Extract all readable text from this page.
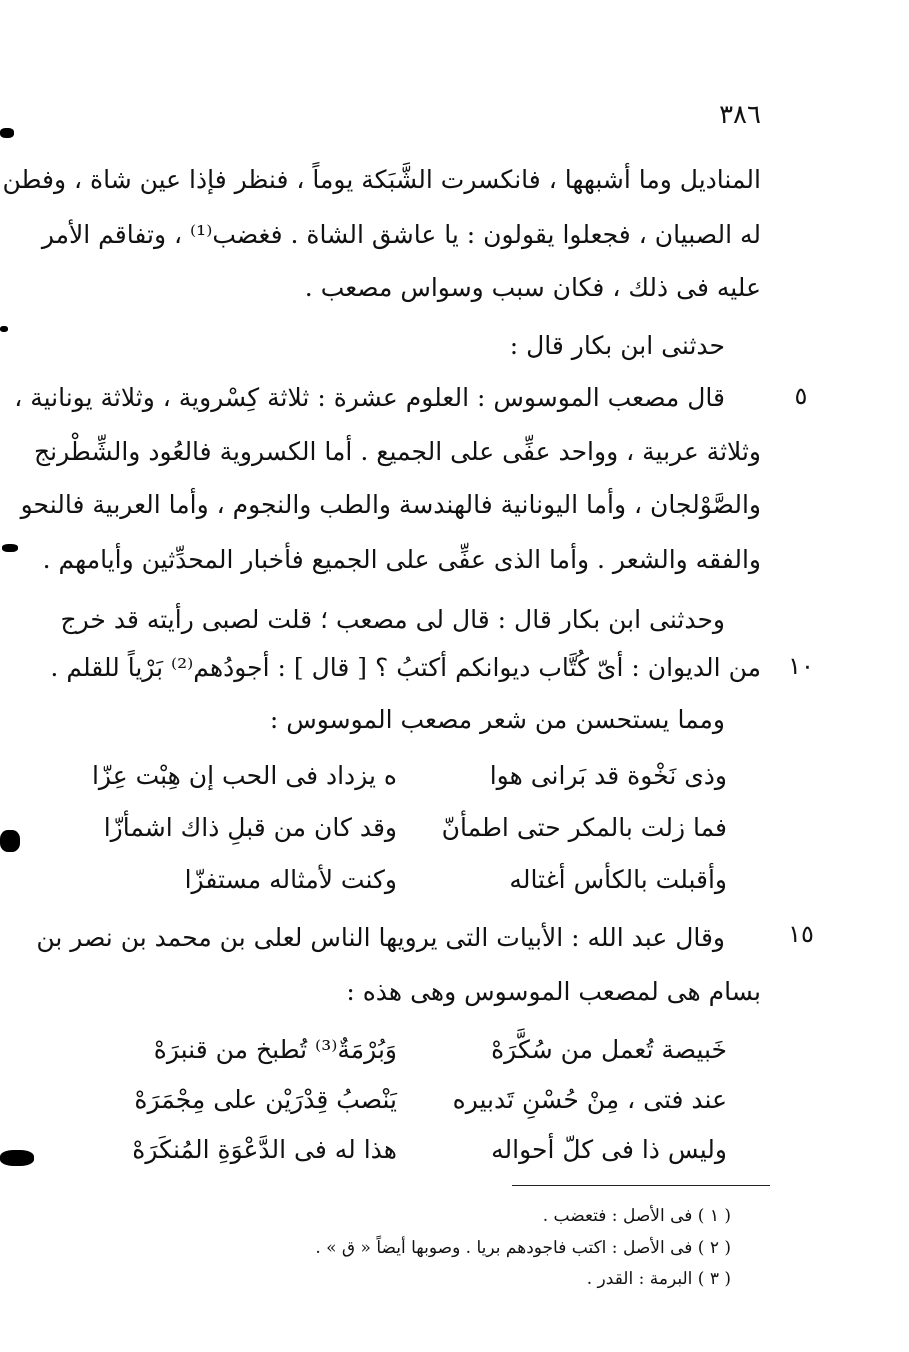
٣٨٦
المناديل وما أشبهها ، فانكسرت الشَّبَكة يوماً ، فنظر فإذا عين شاة ، وفطن
له الصبيان ، فجعلوا يقولون : يا عاشق الشاة . فغضب⁽¹⁾ ، وتفاقم الأمر
عليه فى ذلك ، فكان سبب وسواس مصعب .
حدثنى ابن بكار قال :
قال مصعب الموسوس : العلوم عشرة : ثلاثة كِسْروية ، وثلاثة يونانية ،	٥
وثلاثة عربية ، وواحد عفِّى على الجميع . أما الكسروية فالعُود والشِّطْرنج
والصَّوْلجان ، وأما اليونانية فالهندسة والطب والنجوم ، وأما العربية فالنحو
والفقه والشعر . وأما الذى عفِّى على الجميع فأخبار المحدِّثين وأيامهم .
وحدثنى ابن بكار قال : قال لى مصعب ؛ قلت لصبى رأيته قد خرج
من الديوان : أىّ كُتَّاب ديوانكم أكتبُ ؟ [ قال ] : أجودُهم⁽²⁾ بَرْياً للقلم . ١٠
ومما يستحسن من شعر مصعب الموسوس :
وذى نَخْوة قد بَرانى هوا
ه يزداد فى الحب إن هِبْت عِزّا
فما زلت بالمكر حتى اطمأنّ
وقد كان من قبلِ ذاك اشمأزّا
وأقبلت بالكأس أغتاله
وكنت لأمثاله مستفزّا
وقال عبد الله : الأبيات التى يرويها الناس لعلى بن محمد بن نصر بن	١٥
بسام هى لمصعب الموسوس وهى هذه :
خَبيصة تُعمل من سُكَّرَهْ
وَبُرْمَةٌ⁽³⁾ تُطبخ من قنبرَهْ
عند فتى ، مِنْ حُسْنِ تَدبيره
يَنْصبُ قِدْرَيْن على مِجْمَرَهْ
وليس ذا فى كلّ أحواله
هذا له فى الدَّعْوَةِ المُنكَرَهْ
( ١ ) فى الأصل : فتعضب .
( ٢ ) فى الأصل : اكتب فاجودهم بريا . وصوبها أيضاً « ق » .
( ٣ ) البرمة : القدر .
